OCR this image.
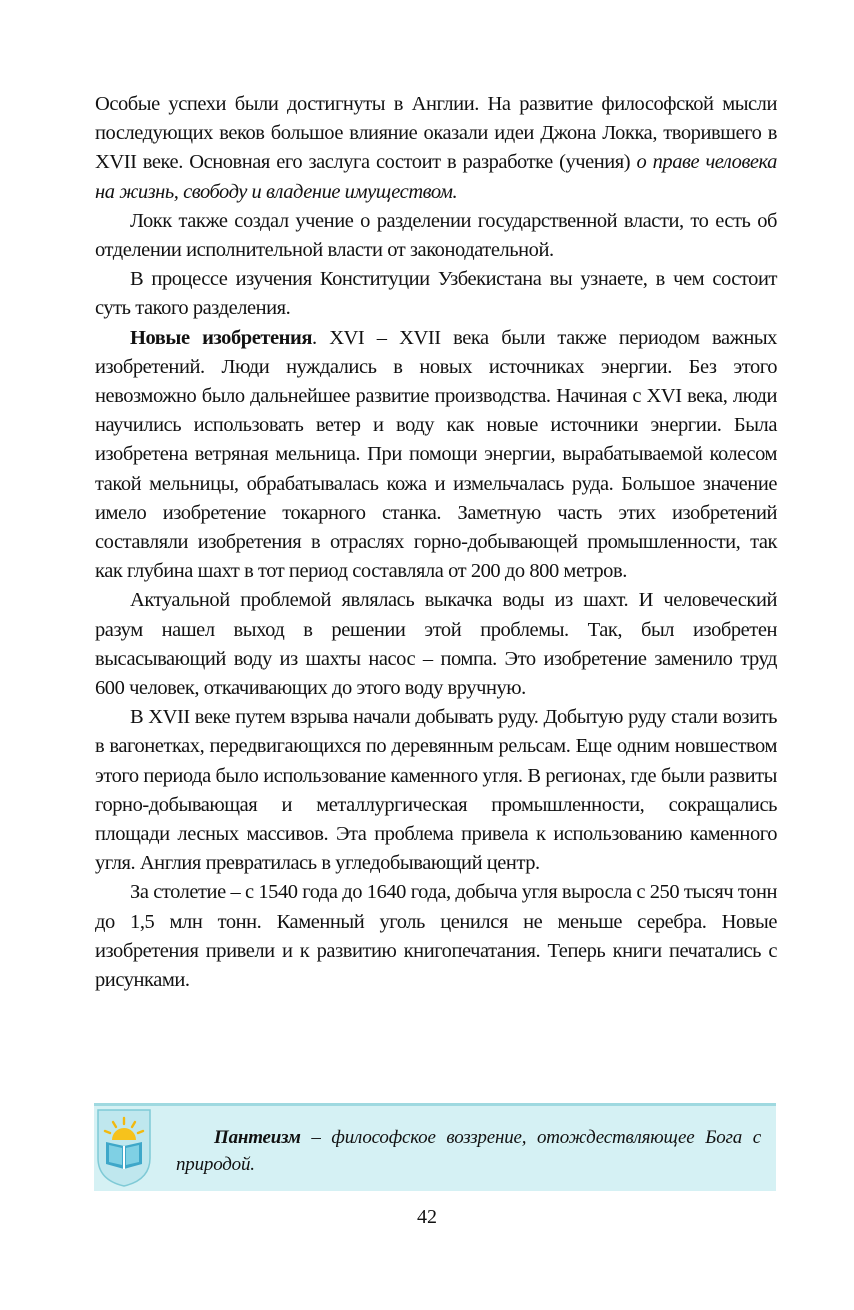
Особые успехи были достигнуты в Англии. На развитие философской мысли последующих веков большое влияние оказали идеи Джона Локка, творившего в XVII веке. Основная его заслуга состоит в разработке (учения) о праве человека на жизнь, свободу и владение имуществом.

Локк также создал учение о разделении государственной власти, то есть об отделении исполнительной власти от законодательной.

В процессе изучения Конституции Узбекистана вы узнаете, в чем состоит суть такого разделения.

Новые изобретения. XVI – XVII века были также периодом важных изобретений. Люди нуждались в новых источниках энергии. Без этого невозможно было дальнейшее развитие производства. Начиная с XVI века, люди научились использовать ветер и воду как новые источники энергии. Была изобретена ветряная мельница. При помощи энергии, вырабатываемой колесом такой мельницы, обрабатывалась кожа и измельчалась руда. Большое значение имело изобретение токарного станка. Заметную часть этих изобретений составляли изобретения в отраслях горно-добывающей промышленности, так как глубина шахт в тот период составляла от 200 до 800 метров.

Актуальной проблемой являлась выкачка воды из шахт. И человеческий разум нашел выход в решении этой проблемы. Так, был изобретен высасывающий воду из шахты насос – помпа. Это изобретение заменило труд 600 человек, откачивающих до этого воду вручную.

В XVII веке путем взрыва начали добывать руду. Добытую руду стали возить в вагонетках, передвигающихся по деревянным рельсам. Еще одним новшеством этого периода было использование каменного угля. В регионах, где были развиты горно-добывающая и металлургическая промышленности, сокращались площади лесных массивов. Эта проблема привела к использованию каменного угля. Англия превратилась в угледобывающий центр.

За столетие – с 1540 года до 1640 года, добыча угля выросла с 250 тысяч тонн до 1,5 млн тонн. Каменный уголь ценился не меньше серебра. Новые изобретения привели и к развитию книгопечатания. Теперь книги печатались с рисунками.

Пантеизм – философское воззрение, отождествляющее Бога с природой.
42
